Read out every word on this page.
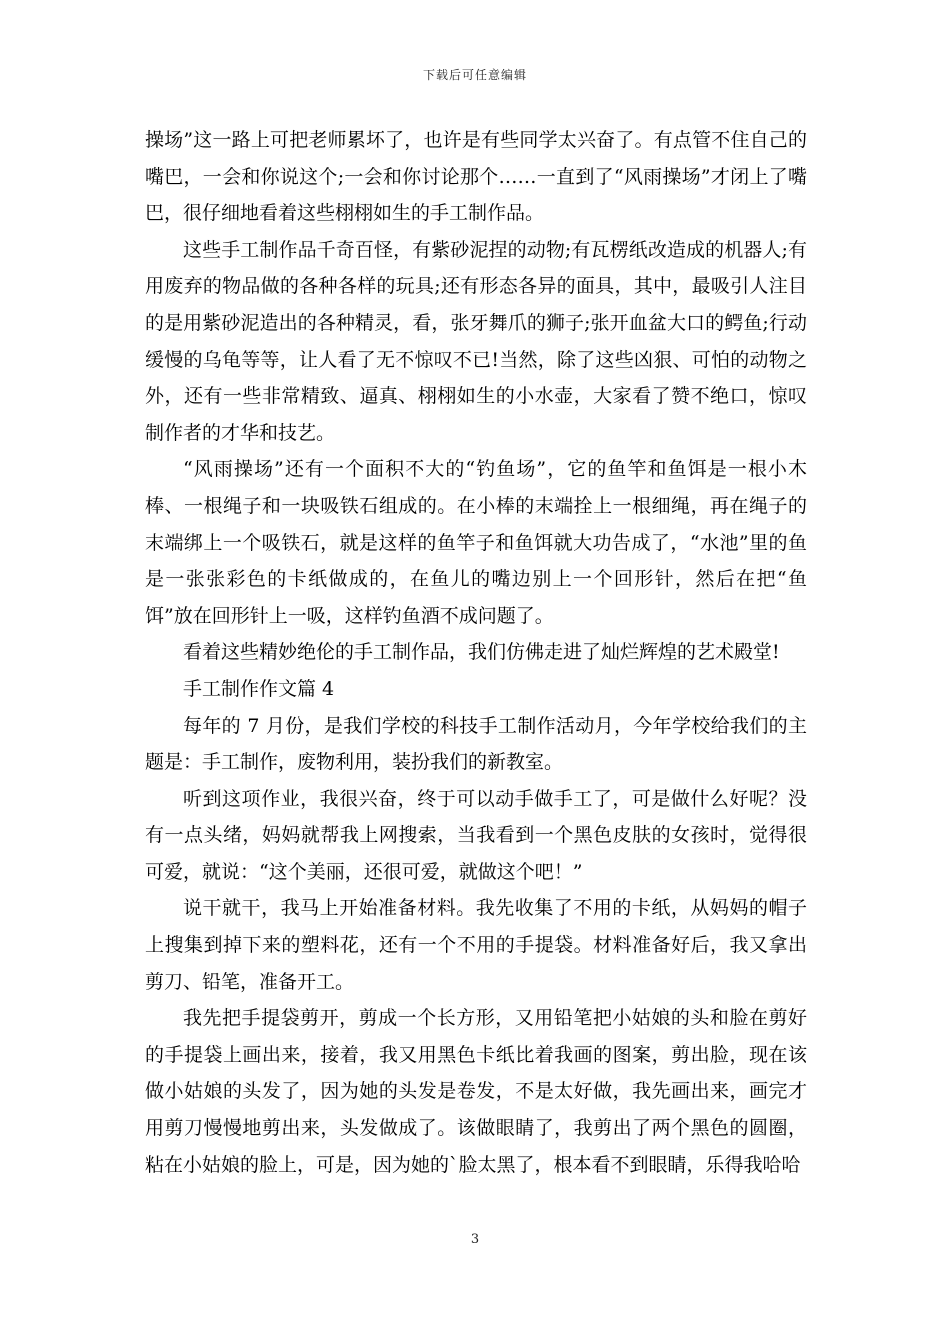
下载后可任意编辑

操场”这一路上可把老师累坏了，也许是有些同学太兴奋了。有点管不住自己的嘴巴，一会和你说这个;一会和你讨论那个……一直到了“风雨操场”才闭上了嘴巴，很仔细地看着这些栩栩如生的手工制作品。

这些手工制作品千奇百怪，有紫砂泥捏的动物;有瓦楞纸改造成的机器人;有用废弃的物品做的各种各样的玩具;还有形态各异的面具，其中，最吸引人注目的是用紫砂泥造出的各种精灵，看，张牙舞爪的狮子;张开血盆大口的鳄鱼;行动缓慢的乌龟等等，让人看了无不惊叹不已!当然，除了这些凶狠、可怕的动物之外，还有一些非常精致、逼真、栩栩如生的小水壶，大家看了赞不绝口，惊叹制作者的才华和技艺。

“风雨操场”还有一个面积不大的“钓鱼场”，它的鱼竿和鱼饵是一根小木棒、一根绳子和一块吸铁石组成的。在小棒的末端拴上一根细绳，再在绳子的末端绑上一个吸铁石，就是这样的鱼竿子和鱼饵就大功告成了，“水池”里的鱼是一张张彩色的卡纸做成的，在鱼儿的嘴边别上一个回形针，然后在把“鱼饵”放在回形针上一吸，这样钓鱼酒不成问题了。

看着这些精妙绝伦的手工制作品，我们仿佛走进了灿烂辉煌的艺术殿堂!

手工制作作文篇 4

每年的 7 月份，是我们学校的科技手工制作活动月，今年学校给我们的主题是：手工制作，废物利用，装扮我们的新教室。

听到这项作业，我很兴奋，终于可以动手做手工了，可是做什么好呢？没有一点头绪，妈妈就帮我上网搜索，当我看到一个黑色皮肤的女孩时，觉得很可爱，就说：“这个美丽，还很可爱，就做这个吧！”

说干就干，我马上开始准备材料。我先收集了不用的卡纸，从妈妈的帽子上搜集到掉下来的塑料花，还有一个不用的手提袋。材料准备好后，我又拿出剪刀、铅笔，准备开工。

我先把手提袋剪开，剪成一个长方形，又用铅笔把小姑娘的头和脸在剪好的手提袋上画出来，接着，我又用黑色卡纸比着我画的图案，剪出脸，现在该做小姑娘的头发了，因为她的头发是卷发，不是太好做，我先画出来，画完才用剪刀慢慢地剪出来，头发做成了。该做眼睛了，我剪出了两个黑色的圆圈，粘在小姑娘的脸上，可是，因为她的`脸太黑了，根本看不到眼睛，乐得我哈哈

3
